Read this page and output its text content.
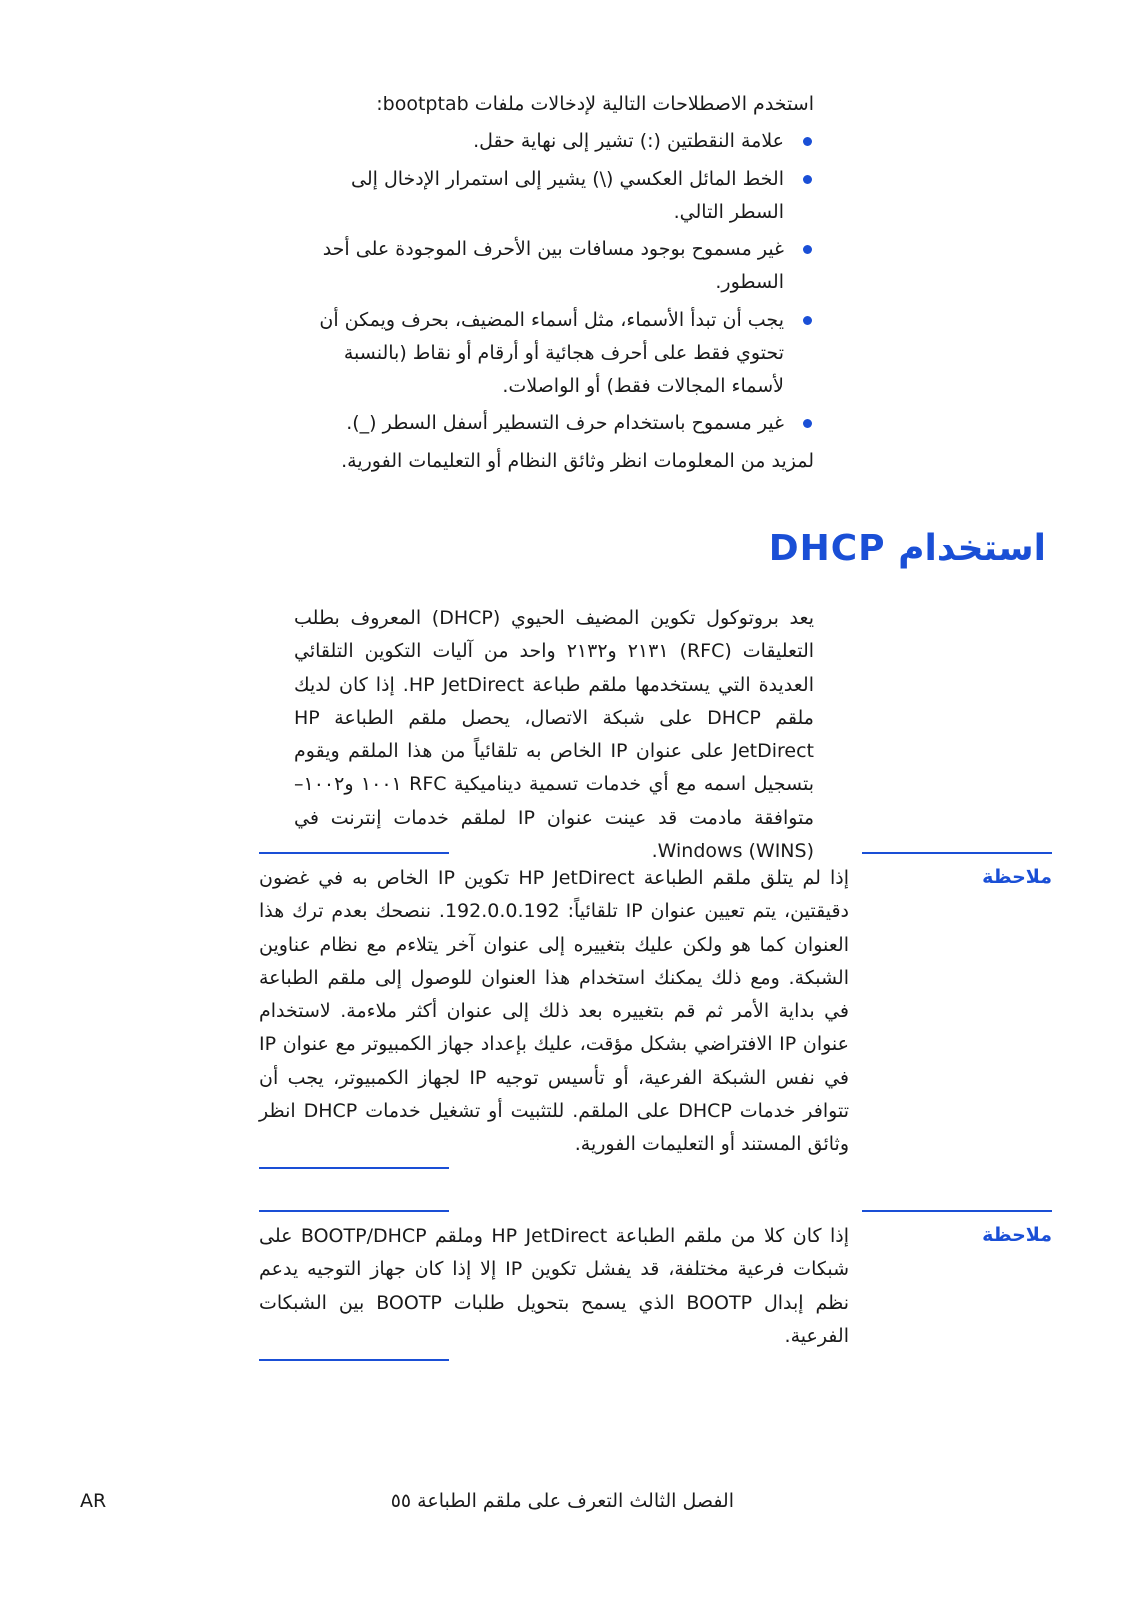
استخدم الاصطلاحات التالية لإدخالات ملفات bootptab:

علامة النقطتين (:) تشير إلى نهاية حقل.
الخط المائل العكسي (\) يشير إلى استمرار الإدخال إلى السطر التالي.
غير مسموح بوجود مسافات بين الأحرف الموجودة على أحد السطور.
يجب أن تبدأ الأسماء، مثل أسماء المضيف، بحرف ويمكن أن تحتوي فقط على أحرف هجائية أو أرقام أو نقاط (بالنسبة لأسماء المجالات فقط) أو الواصلات.
غير مسموح باستخدام حرف التسطير أسفل السطر (_).

لمزيد من المعلومات انظر وثائق النظام أو التعليمات الفورية.

استخدام DHCP

يعد بروتوكول تكوين المضيف الحيوي (DHCP) المعروف بطلب التعليقات (RFC) ٢١٣١ و٢١٣٢ واحد من آليات التكوين التلقائي العديدة التي يستخدمها ملقم طباعة HP JetDirect. إذا كان لديك ملقم DHCP على شبكة الاتصال، يحصل ملقم الطباعة HP JetDirect على عنوان IP الخاص به تلقائياً من هذا الملقم ويقوم بتسجيل اسمه مع أي خدمات تسمية ديناميكية RFC ١٠٠١ و١٠٠٢– متوافقة مادمت قد عينت عنوان IP لملقم خدمات إنترنت في Windows (WINS).

ملاحظة

إذا لم يتلق ملقم الطباعة HP JetDirect تكوين IP الخاص به في غضون دقيقتين، يتم تعيين عنوان IP تلقائياً: 192.0.0.192. ننصحك بعدم ترك هذا العنوان كما هو ولكن عليك بتغييره إلى عنوان آخر يتلاءم مع نظام عناوين الشبكة. ومع ذلك يمكنك استخدام هذا العنوان للوصول إلى ملقم الطباعة في بداية الأمر ثم قم بتغييره بعد ذلك إلى عنوان أكثر ملاءمة. لاستخدام عنوان IP الافتراضي بشكل مؤقت، عليك بإعداد جهاز الكمبيوتر مع عنوان IP في نفس الشبكة الفرعية، أو تأسيس توجيه IP لجهاز الكمبيوتر، يجب أن تتوافر خدمات DHCP على الملقم. للتثبيت أو تشغيل خدمات DHCP انظر وثائق المستند أو التعليمات الفورية.

ملاحظة

إذا كان كلا من ملقم الطباعة HP JetDirect وملقم BOOTP/DHCP على شبكات فرعية مختلفة، قد يفشل تكوين IP إلا إذا كان جهاز التوجيه يدعم نظم إبدال BOOTP الذي يسمح بتحويل طلبات BOOTP بين الشبكات الفرعية.

الفصل الثالث التعرف على ملقم الطباعة ٥٥
AR
